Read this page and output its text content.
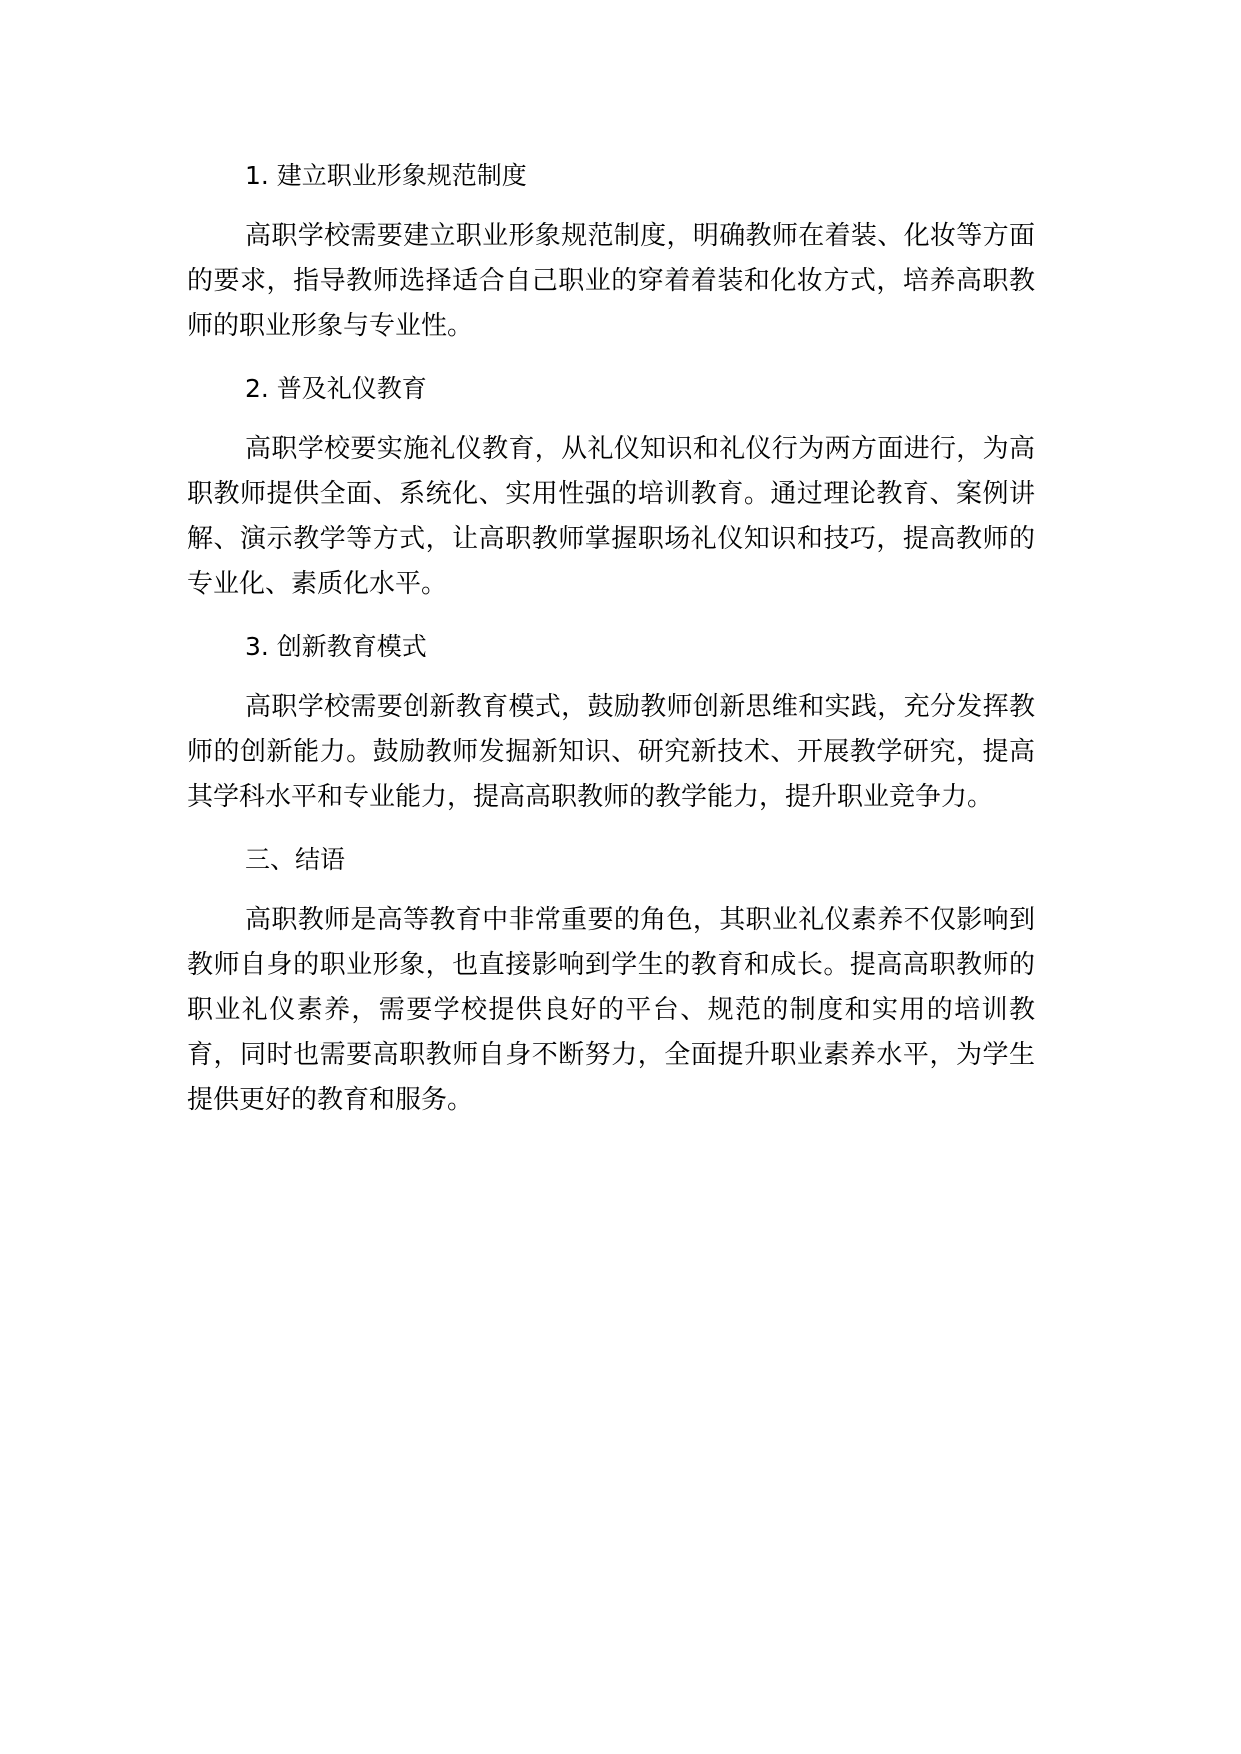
1. 建立职业形象规范制度

高职学校需要建立职业形象规范制度，明确教师在着装、化妆等方面的要求，指导教师选择适合自己职业的穿着着装和化妆方式，培养高职教师的职业形象与专业性。

2. 普及礼仪教育

高职学校要实施礼仪教育，从礼仪知识和礼仪行为两方面进行，为高职教师提供全面、系统化、实用性强的培训教育。通过理论教育、案例讲解、演示教学等方式，让高职教师掌握职场礼仪知识和技巧，提高教师的专业化、素质化水平。

3. 创新教育模式

高职学校需要创新教育模式，鼓励教师创新思维和实践，充分发挥教师的创新能力。鼓励教师发掘新知识、研究新技术、开展教学研究，提高其学科水平和专业能力，提高高职教师的教学能力，提升职业竞争力。

三、结语

高职教师是高等教育中非常重要的角色，其职业礼仪素养不仅影响到教师自身的职业形象，也直接影响到学生的教育和成长。提高高职教师的职业礼仪素养，需要学校提供良好的平台、规范的制度和实用的培训教育，同时也需要高职教师自身不断努力，全面提升职业素养水平，为学生提供更好的教育和服务。
